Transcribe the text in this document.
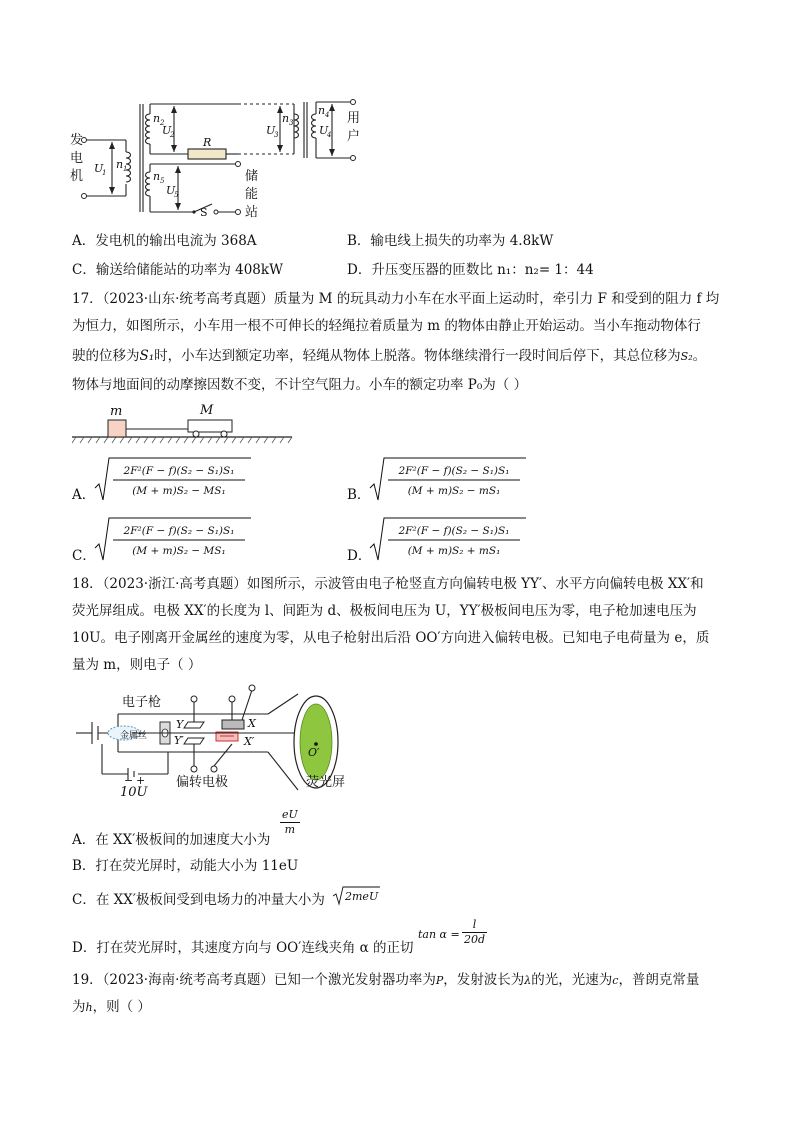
n 1
n 2	n 3
n 4
n 5
U
1
U
2	U
3	U
4
U
5
R
S
发
电
机
用
户
储
能
站
A．发电机的输出电流为 368A	B．输电线上损失的功率为 4.8kW
C．输送给储能站的功率为 408kW	D．升压变压器的匝数比 n₁：n₂= 1：44
17．（2023·山东·统考高考真题）质量为 M 的玩具动力小车在水平面上运动时，牵引力 F 和受到的阻力 f 均
为恒力，如图所示，小车用一根不可伸长的轻绳拉着质量为 m 的物体由静止开始运动。当小车拖动物体行
驶的位移为S₁时，小车达到额定功率，轻绳从物体上脱落。物体继续滑行一段时间后停下，其总位移为S₂。
物体与地面间的动摩擦因数不变，不计空气阻力。小车的额定功率 P₀为（ ）
m	M
A．
2F²(F − f)(S₂ − S₁)S₁
(M + m)S₂ − MS₁	B．
2F²(F − f)(S₂ − S₁)S₁
(M + m)S₂ − mS₁
C．
2F²(F − f)(S₂ − S₁)S₁
(M + m)S₂ − MS₁	D．
2F²(F − f)(S₂ − S₁)S₁
(M + m)S₂ + mS₁
18．（2023·浙江·高考真题）如图所示，示波管由电子枪竖直方向偏转电极 YY′、水平方向偏转电极 XX′和
荧光屏组成。电极 XX′的长度为 l、间距为 d、极板间电压为 U，YY′极板间电压为零，电子枪加速电压为
10U。电子刚离开金属丝的速度为零，从电子枪射出后沿 OO′方向进入偏转电极。已知电子电荷量为 e，质
量为 m，则电子（ ）
电子枪
金属丝
偏转电极	荧光屏
10U
− +
Y
Y′
X
X′
O′
A．在 XX′极板间的加速度大小为
$\frac{eU}{m}$
B．打在荧光屏时，动能大小为 11eU
C．在 XX′极板间受到电场力的冲量大小为 2meU
D．打在荧光屏时，其速度方向与 OO′连线夹角 α 的正切
$\tan \alpha = \frac{l}{20d}$
19．（2023·海南·统考高考真题）已知一个激光发射器功率为P，发射波长为λ的光，光速为c，普朗克常量
为h，则（ ）
